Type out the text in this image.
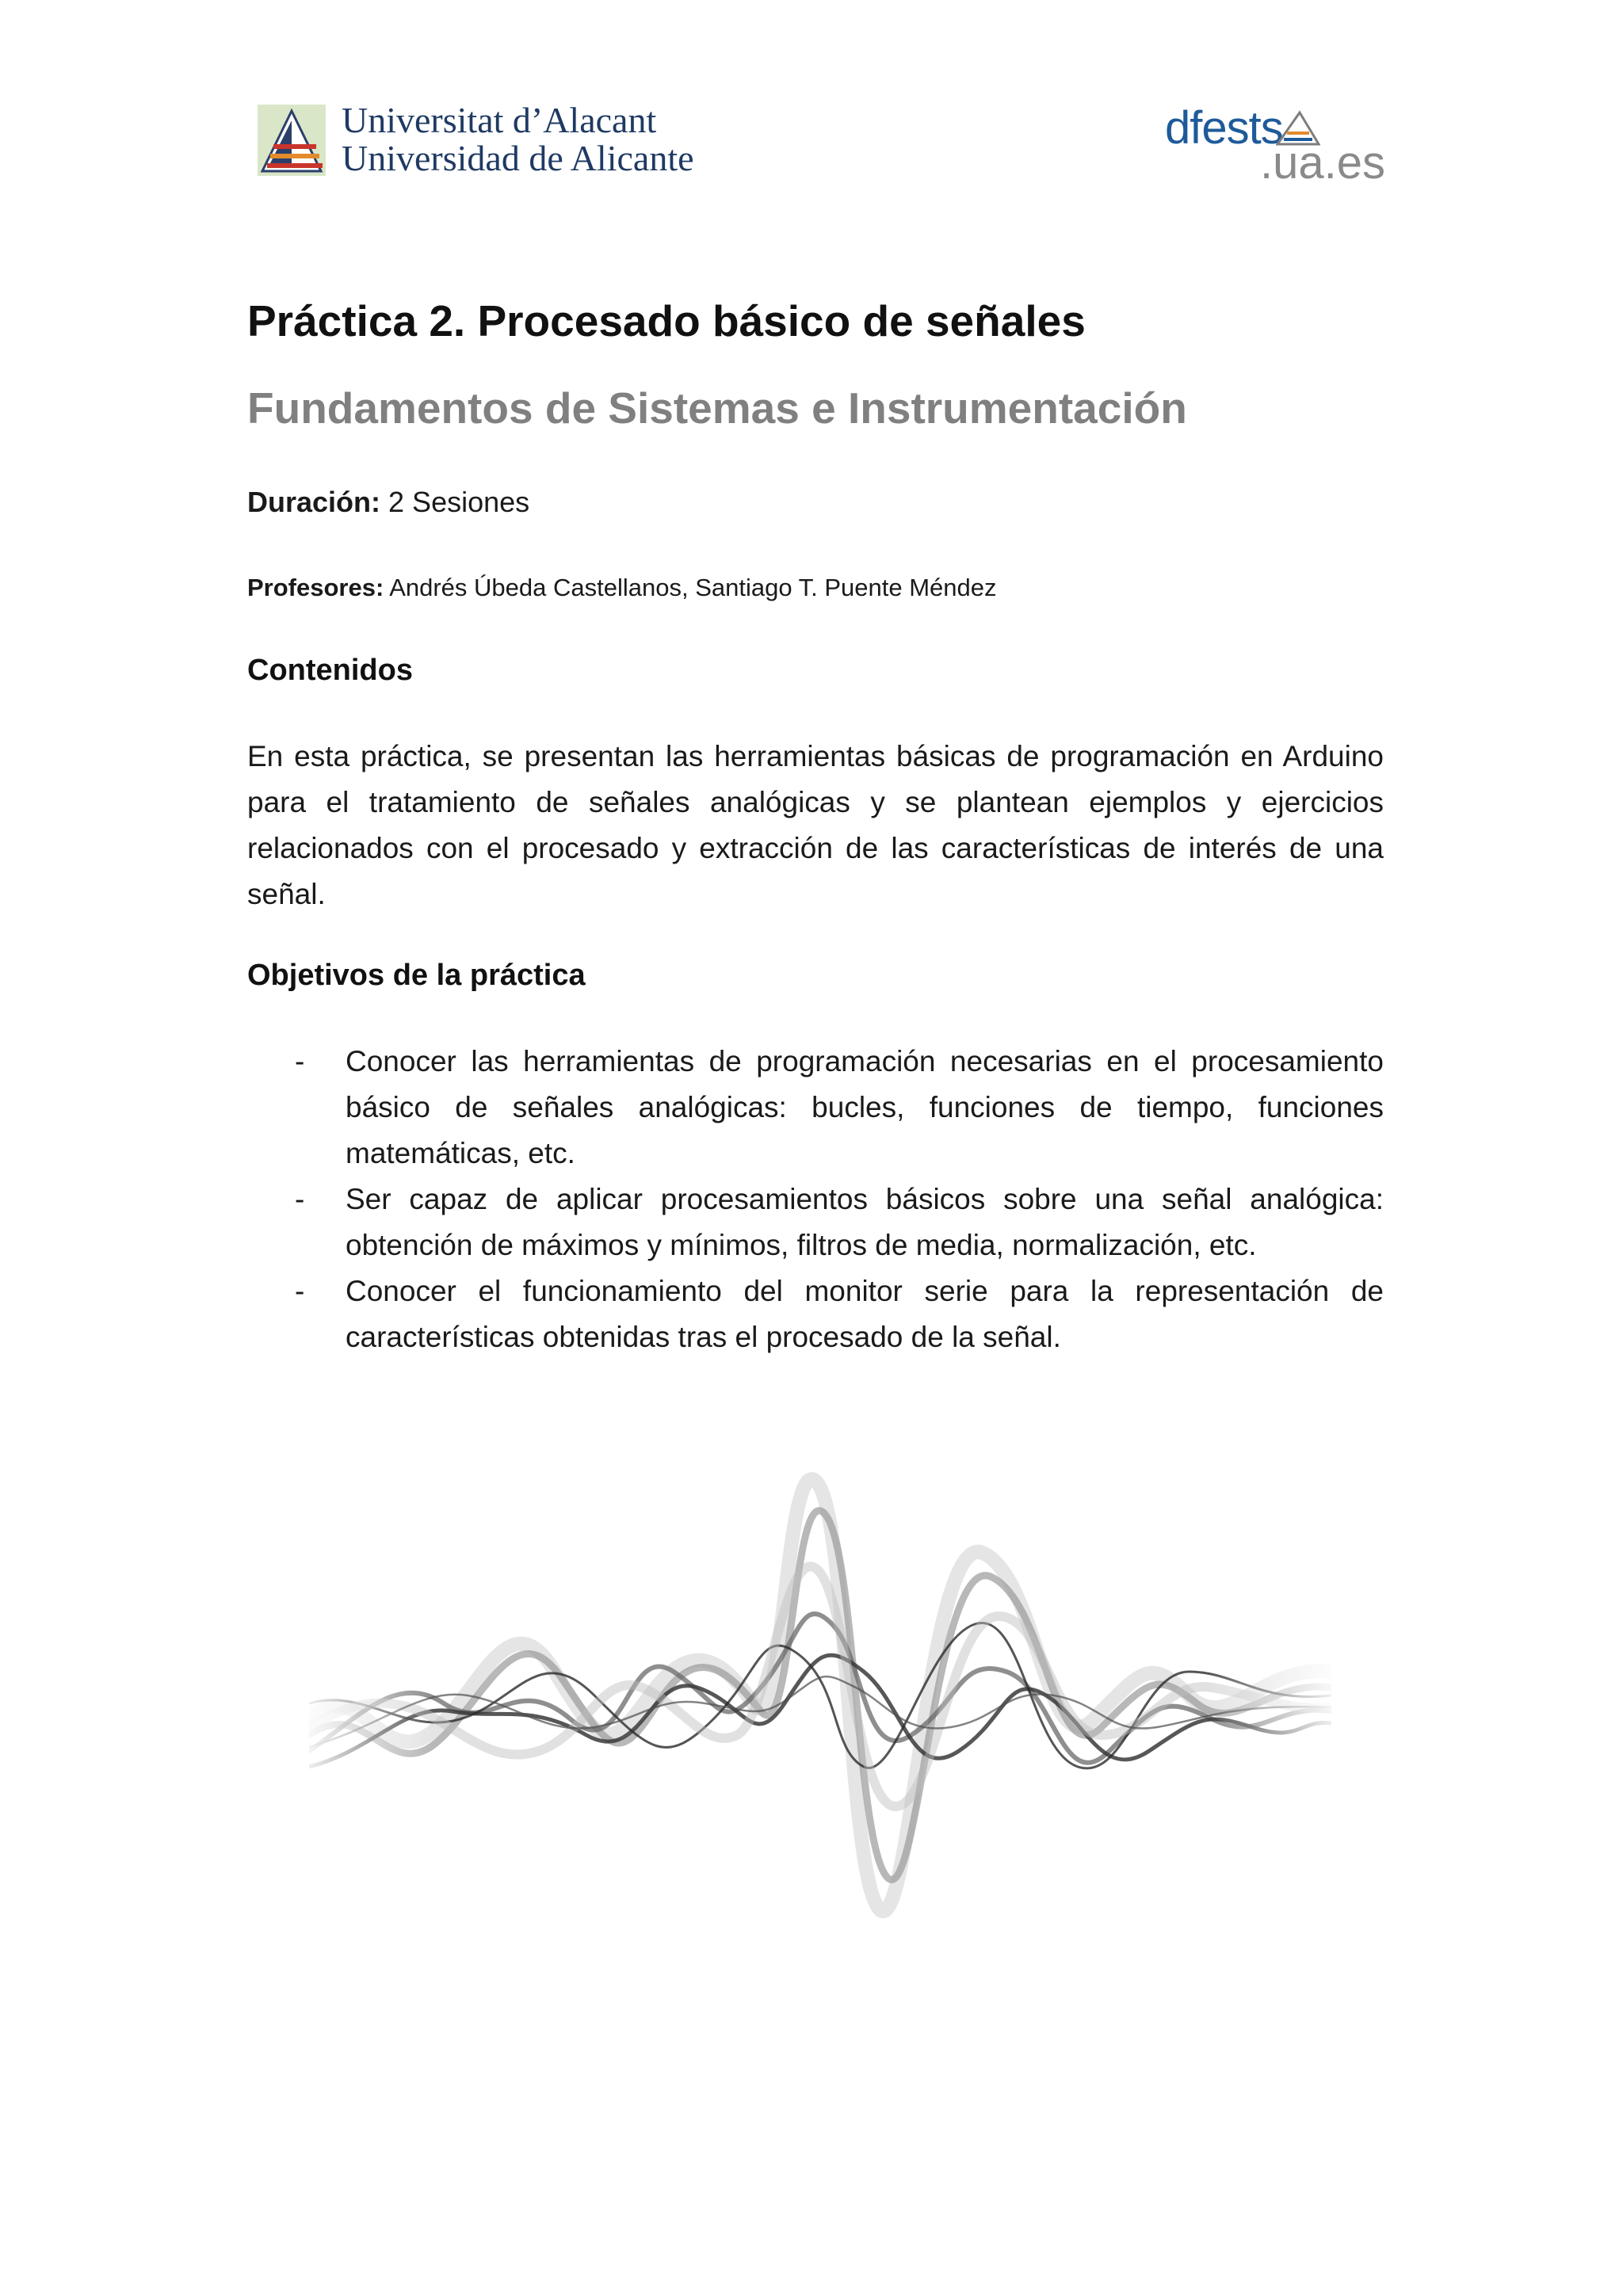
Universitat d’Alacant
Universidad de Alicante
dfests
.ua.es
Práctica 2. Procesado básico de señales
Fundamentos de Sistemas e Instrumentación
Duración: 2 Sesiones
Profesores: Andrés Úbeda Castellanos, Santiago T. Puente Méndez
Contenidos

En esta práctica, se presentan las herramientas básicas de programación en Arduino para el tratamiento de señales analógicas y se plantean ejemplos y ejercicios relacionados con el procesado y extracción de las características de interés de una señal.

Objetivos de la práctica

- Conocer las herramientas de programación necesarias en el procesamiento básico de señales analógicas: bucles, funciones de tiempo, funciones matemáticas, etc.

- Ser capaz de aplicar procesamientos básicos sobre una señal analógica: obtención de máximos y mínimos, filtros de media, normalización, etc.

- Conocer el funcionamiento del monitor serie para la representación de características obtenidas tras el procesado de la señal.
